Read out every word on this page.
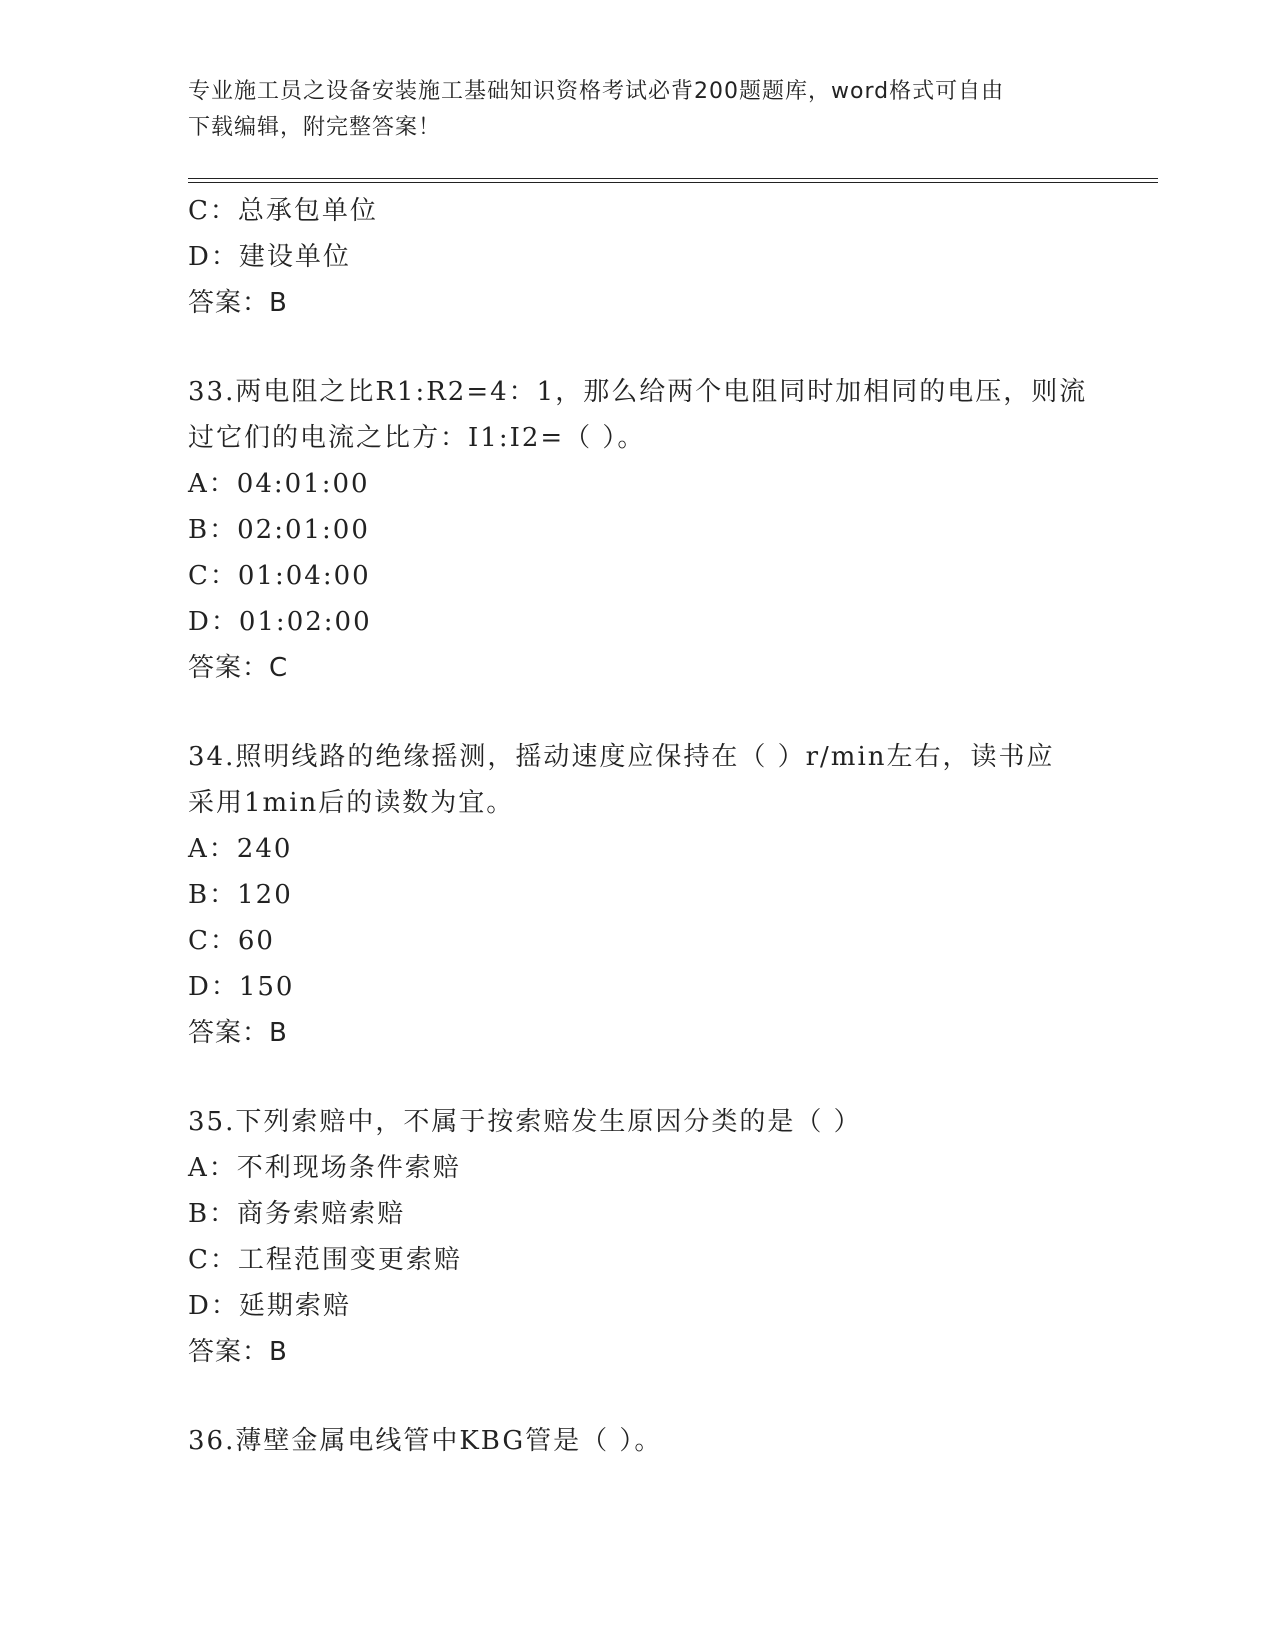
专业施工员之设备安装施工基础知识资格考试必背200题题库，word格式可自由
下载编辑，附完整答案！
C：总承包单位
D：建设单位
答案：B
33.两电阻之比R1:R2=4：1，那么给两个电阻同时加相同的电压，则流
过它们的电流之比方：I1:I2=（ ）。
A：04:01:00
B：02:01:00
C：01:04:00
D：01:02:00
答案：C
34.照明线路的绝缘摇测，摇动速度应保持在（ ）r/min左右，读书应
采用1min后的读数为宜。
A：240
B：120
C：60
D：150
答案：B
35.下列索赔中，不属于按索赔发生原因分类的是（ ）
A：不利现场条件索赔
B：商务索赔索赔
C：工程范围变更索赔
D：延期索赔
答案：B
36.薄壁金属电线管中KBG管是（ ）。
